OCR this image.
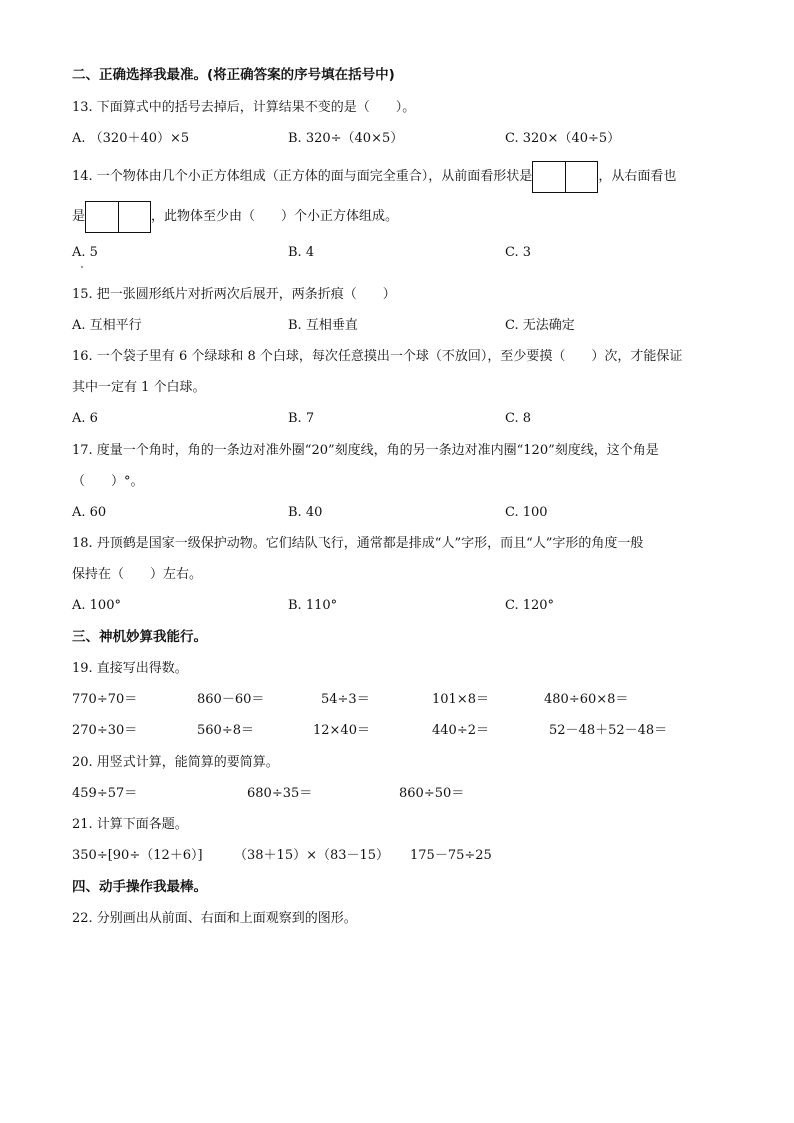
二、正确选择我最准。(将正确答案的序号填在括号中)
13. 下面算式中的括号去掉后，计算结果不变的是（　　）。
A. （320＋40）×5	B. 320÷（40×5）	C. 320×（40÷5）
14. 一个物体由几个小正方体组成（正方体的面与面完全重合），从前面看形状是	，从右面看也
是	，此物体至少由（　　）个小正方体组成。
A. 5	B. 4	C. 3
15. 把一张圆形纸片对折两次后展开，两条折痕（　　）
A. 互相平行	B. 互相垂直	C. 无法确定
16. 一个袋子里有 6 个绿球和 8 个白球，每次任意摸出一个球（不放回），至少要摸（　　）次，才能保证
其中一定有 1 个白球。
A. 6	B. 7	C. 8
17. 度量一个角时，角的一条边对准外圈“20”刻度线，角的另一条边对准内圈“120”刻度线，这个角是
（　　）°。
A. 60	B. 40	C. 100
18. 丹顶鹤是国家一级保护动物。它们结队飞行，通常都是排成“人”字形，而且“人”字形的角度一般
保持在（　　）左右。
A. 100°	B. 110°	C. 120°
三、神机妙算我能行。
19. 直接写出得数。
770÷70＝	860－60＝	54÷3＝	101×8＝	480÷60×8＝
270÷30＝	560÷8＝	12×40＝	440÷2＝	52－48＋52－48＝
20. 用竖式计算，能简算的要简算。
459÷57＝	680÷35＝	860÷50＝
21. 计算下面各题。
350÷[90÷（12＋6）] （38＋15）×（83－15） 175－75÷25
四、动手操作我最棒。
22. 分别画出从前面、右面和上面观察到的图形。
